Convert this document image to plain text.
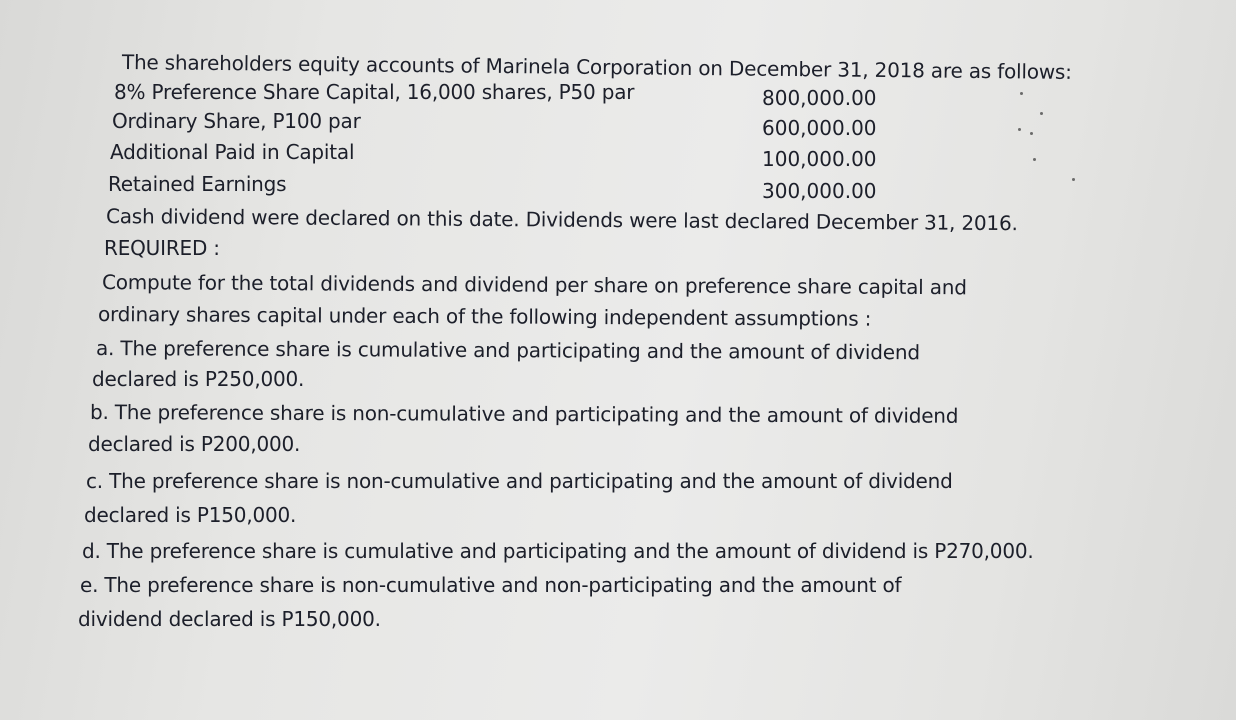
The shareholders equity accounts of Marinela Corporation on December 31, 2018 are as follows:
8% Preference Share Capital, 16,000 shares, P50 par	800,000.00
Ordinary Share, P100 par	600,000.00
Additional Paid in Capital	100,000.00
Retained Earnings	300,000.00
Cash dividend were declared on this date. Dividends were last declared December 31, 2016.
REQUIRED :
Compute for the total dividends and dividend per share on preference share capital and
ordinary shares capital under each of the following independent assumptions :
a. The preference share is cumulative and participating and the amount of dividend
declared is P250,000.
b. The preference share is non-cumulative and participating and the amount of dividend
declared is P200,000.
c. The preference share is non-cumulative and participating and the amount of dividend
declared is P150,000.
d. The preference share is cumulative and participating and the amount of dividend is P270,000.
e. The preference share is non-cumulative and non-participating and the amount of
dividend declared is P150,000.
